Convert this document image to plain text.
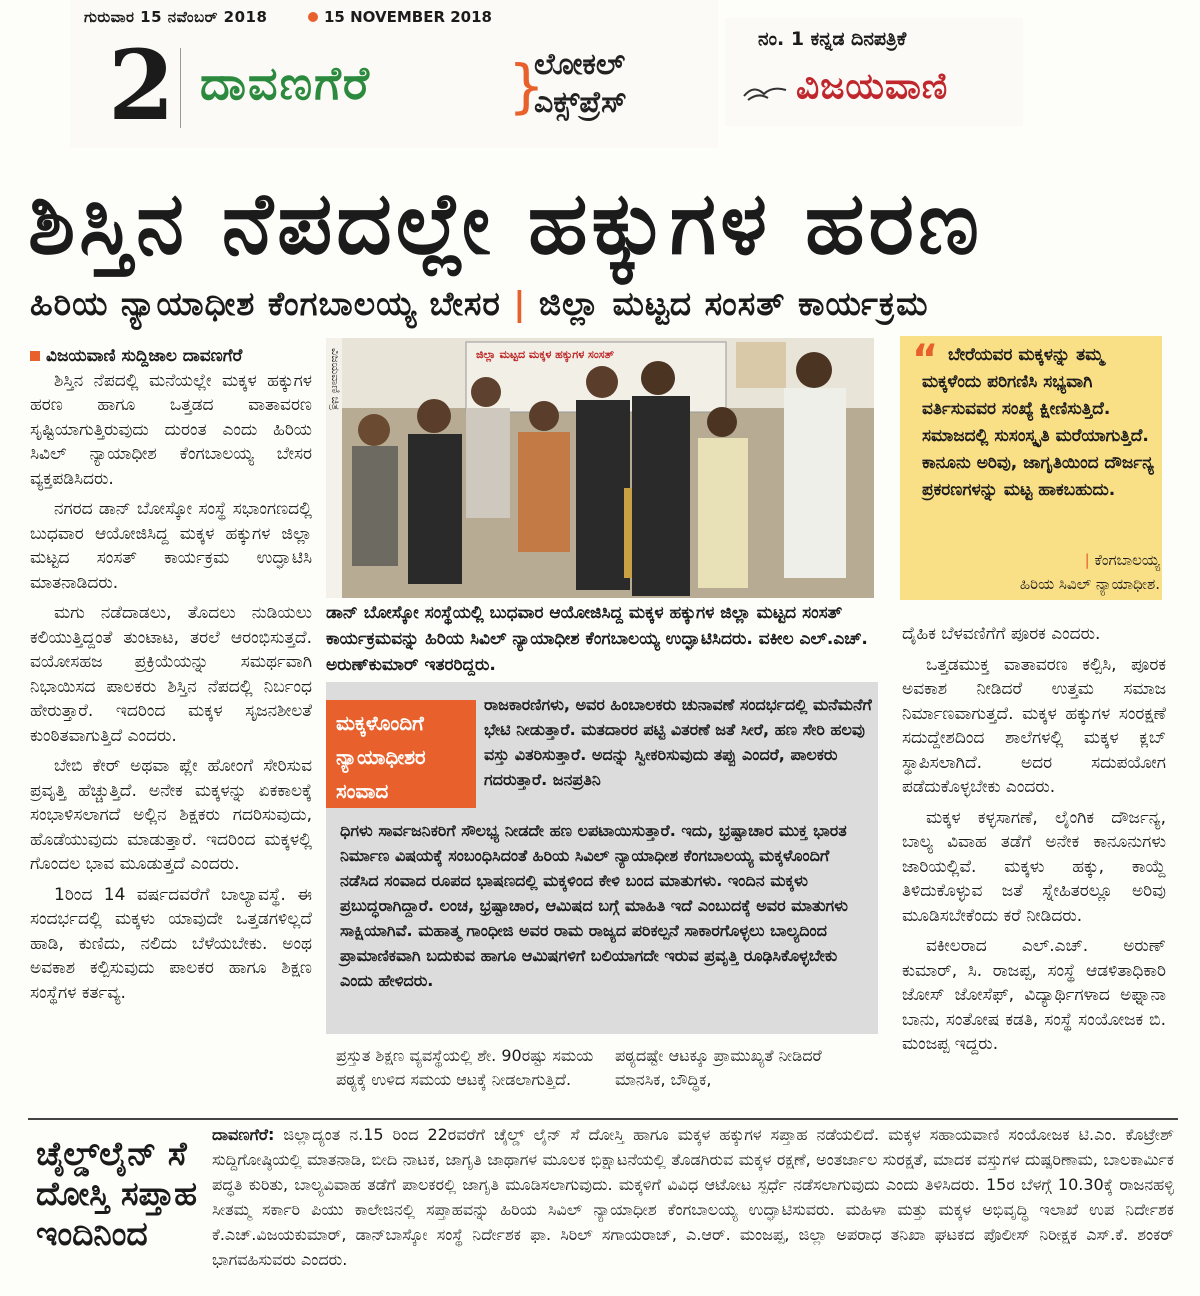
ಗುರುವಾರ 15 ನವೆಂಬರ್ 2018	15 NOVEMBER 2018
2 ದಾವಣಗೆರೆ }
ಲೋಕಲ್
ಎಕ್ಸ್‌ಪ್ರೆಸ್
ನಂ. 1 ಕನ್ನಡ ದಿನಪತ್ರಿಕೆ
ವಿಜಯವಾಣಿ
ಶಿಸ್ತಿನ ನೆಪದಲ್ಲೇ ಹಕ್ಕುಗಳ ಹರಣ
ಹಿರಿಯ ನ್ಯಾಯಾಧೀಶ ಕೆಂಗಬಾಲಯ್ಯ ಬೇಸರ | ಜಿಲ್ಲಾ ಮಟ್ಟದ ಸಂಸತ್ ಕಾರ್ಯಕ್ರಮ
ವಿಜಯವಾಣಿ ಸುದ್ದಿಜಾಲ ದಾವಣಗೆರೆ

ಶಿಸ್ತಿನ ನೆಪದಲ್ಲಿ ಮನೆಯಲ್ಲೇ ಮಕ್ಕಳ ಹಕ್ಕುಗಳ ಹರಣ ಹಾಗೂ ಒತ್ತಡದ ವಾತಾವರಣ ಸೃಷ್ಟಿಯಾಗುತ್ತಿರುವುದು ದುರಂತ ಎಂದು ಹಿರಿಯ ಸಿವಿಲ್ ನ್ಯಾಯಾಧೀಶ ಕೆಂಗಬಾಲಯ್ಯ ಬೇಸರ ವ್ಯಕ್ತಪಡಿಸಿದರು.

ನಗರದ ಡಾನ್ ಬೋಸ್ಕೋ ಸಂಸ್ಥೆ ಸಭಾಂಗಣದಲ್ಲಿ ಬುಧವಾರ ಆಯೋಜಿಸಿದ್ದ ಮಕ್ಕಳ ಹಕ್ಕುಗಳ ಜಿಲ್ಲಾ ಮಟ್ಟದ ಸಂಸತ್ ಕಾರ್ಯಕ್ರಮ ಉದ್ಘಾಟಿಸಿ ಮಾತನಾಡಿದರು.

ಮಗು ನಡೆದಾಡಲು, ತೊದಲು ನುಡಿಯಲು ಕಲಿಯುತ್ತಿದ್ದಂತೆ ತುಂಟಾಟ, ತರಲೆ ಆರಂಭಿಸುತ್ತದೆ. ವಯೋಸಹಜ ಪ್ರಕ್ರಿಯೆಯನ್ನು ಸಮರ್ಥವಾಗಿ ನಿಭಾಯಿಸದ ಪಾಲಕರು ಶಿಸ್ತಿನ ನೆಪದಲ್ಲಿ ನಿರ್ಬಂಧ ಹೇರುತ್ತಾರೆ. ಇದರಿಂದ ಮಕ್ಕಳ ಸೃಜನಶೀಲತೆ ಕುಂಠಿತವಾಗುತ್ತಿದೆ ಎಂದರು.

ಬೇಬಿ ಕೇರ್ ಅಥವಾ ಪ್ಲೇ ಹೋಂಗೆ ಸೇರಿಸುವ ಪ್ರವೃತ್ತಿ ಹೆಚ್ಚುತ್ತಿದೆ. ಅನೇಕ ಮಕ್ಕಳನ್ನು ಏಕಕಾಲಕ್ಕೆ ಸಂಭಾಳಿಸಲಾಗದೆ ಅಲ್ಲಿನ ಶಿಕ್ಷಕರು ಗದರಿಸುವುದು, ಹೊಡೆಯುವುದು ಮಾಡುತ್ತಾರೆ. ಇದರಿಂದ ಮಕ್ಕಳಲ್ಲಿ ಗೊಂದಲ ಭಾವ ಮೂಡುತ್ತದೆ ಎಂದರು.

1ರಿಂದ 14 ವರ್ಷದವರೆಗೆ ಬಾಲ್ಯಾವಸ್ಥೆ. ಈ ಸಂದರ್ಭದಲ್ಲಿ ಮಕ್ಕಳು ಯಾವುದೇ ಒತ್ತಡಗಳಿಲ್ಲದೆ ಹಾಡಿ, ಕುಣಿದು, ನಲಿದು ಬೆಳೆಯಬೇಕು. ಅಂಥ ಅವಕಾಶ ಕಲ್ಪಿಸುವುದು ಪಾಲಕರ ಹಾಗೂ ಶಿಕ್ಷಣ ಸಂಸ್ಥೆಗಳ ಕರ್ತವ್ಯ.

ವಿಜಯವಾಣಿ ಚಿತ್ರ	ಜಿಲ್ಲಾ ಮಟ್ಟದ ಮಕ್ಕಳ ಹಕ್ಕುಗಳ ಸಂಸತ್
ಡಾನ್ ಬೋಸ್ಕೋ ಸಂಸ್ಥೆಯಲ್ಲಿ ಬುಧವಾರ ಆಯೋಜಿಸಿದ್ದ ಮಕ್ಕಳ ಹಕ್ಕುಗಳ ಜಿಲ್ಲಾ ಮಟ್ಟದ ಸಂಸತ್ ಕಾರ್ಯಕ್ರಮವನ್ನು ಹಿರಿಯ ಸಿವಿಲ್ ನ್ಯಾಯಾಧೀಶ ಕೆಂಗಬಾಲಯ್ಯ ಉದ್ಘಾಟಿಸಿದರು. ವಕೀಲ ಎಲ್.ಎಚ್. ಅರುಣ್‌ಕುಮಾರ್ ಇತರರಿದ್ದರು.
“ ಬೇರೆಯವರ ಮಕ್ಕಳನ್ನು ತಮ್ಮ ಮಕ್ಕಳೆಂದು ಪರಿಗಣಿಸಿ ಸಭ್ಯವಾಗಿ ವರ್ತಿಸುವವರ ಸಂಖ್ಯೆ ಕ್ಷೀಣಿಸುತ್ತಿದೆ. ಸಮಾಜದಲ್ಲಿ ಸುಸಂಸ್ಕೃತಿ ಮರೆಯಾಗುತ್ತಿದೆ. ಕಾನೂನು ಅರಿವು, ಜಾಗೃತಿಯಿಂದ ದೌರ್ಜನ್ಯ ಪ್ರಕರಣಗಳನ್ನು ಮಟ್ಟ ಹಾಕಬಹುದು.
| ಕೆಂಗಬಾಲಯ್ಯ
ಹಿರಿಯ ಸಿವಿಲ್ ನ್ಯಾಯಾಧೀಶ.

ದೈಹಿಕ ಬೆಳವಣಿಗೆಗೆ ಪೂರಕ ಎಂದರು.

ಒತ್ತಡಮುಕ್ತ ವಾತಾವರಣ ಕಲ್ಪಿಸಿ, ಪೂರಕ ಅವಕಾಶ ನೀಡಿದರೆ ಉತ್ತಮ ಸಮಾಜ ನಿರ್ಮಾಣವಾಗುತ್ತದೆ. ಮಕ್ಕಳ ಹಕ್ಕುಗಳ ಸಂರಕ್ಷಣೆ ಸದುದ್ದೇಶದಿಂದ ಶಾಲೆಗಳಲ್ಲಿ ಮಕ್ಕಳ ಕ್ಲಬ್ ಸ್ಥಾಪಿಸಲಾಗಿದೆ. ಅದರ ಸದುಪಯೋಗ ಪಡೆದುಕೊಳ್ಳಬೇಕು ಎಂದರು.

ಮಕ್ಕಳ ಕಳ್ಳಸಾಗಣೆ, ಲೈಂಗಿಕ ದೌರ್ಜನ್ಯ, ಬಾಲ್ಯ ವಿವಾಹ ತಡೆಗೆ ಅನೇಕ ಕಾನೂನುಗಳು ಜಾರಿಯಲ್ಲಿವೆ. ಮಕ್ಕಳು ಹಕ್ಕು, ಕಾಯ್ದೆ ತಿಳಿದುಕೊಳ್ಳುವ ಜತೆ ಸ್ನೇಹಿತರಲ್ಲೂ ಅರಿವು ಮೂಡಿಸಬೇಕೆಂದು ಕರೆ ನೀಡಿದರು.

ವಕೀಲರಾದ ಎಲ್.ಎಚ್. ಅರುಣ್ ಕುಮಾರ್, ಸಿ. ರಾಜಪ್ಪ, ಸಂಸ್ಥೆ ಆಡಳಿತಾಧಿಕಾರಿ ಜೋಸ್ ಜೋಸೆಫ್, ವಿದ್ಯಾರ್ಥಿಗಳಾದ ಅಫ್ನಾನಾ ಬಾನು, ಸಂತೋಷ ಕಡತಿ, ಸಂಸ್ಥೆ ಸಂಯೋಜಕ ಬಿ. ಮಂಜಪ್ಪ ಇದ್ದರು.

ಮಕ್ಕಳೊಂದಿಗೆ
ನ್ಯಾಯಾಧೀಶರ
ಸಂವಾದ
ರಾಜಕಾರಣಿಗಳು, ಅವರ ಹಿಂಬಾಲಕರು ಚುನಾವಣೆ ಸಂದರ್ಭದಲ್ಲಿ ಮನೆಮನೆಗೆ ಭೇಟಿ ನೀಡುತ್ತಾರೆ. ಮತದಾರರ ಪಟ್ಟಿ ವಿತರಣೆ ಜತೆ ಸೀರೆ, ಹಣ ಸೇರಿ ಹಲವು ವಸ್ತು ವಿತರಿಸುತ್ತಾರೆ. ಅದನ್ನು ಸ್ವೀಕರಿಸುವುದು ತಪ್ಪು ಎಂದರೆ, ಪಾಲಕರು ಗದರುತ್ತಾರೆ. ಜನಪ್ರತಿನಿ
ಧಿಗಳು ಸಾರ್ವಜನಿಕರಿಗೆ ಸೌಲಭ್ಯ ನೀಡದೇ ಹಣ ಲಪಟಾಯಿಸುತ್ತಾರೆ. ಇದು, ಭ್ರಷ್ಟಾಚಾರ ಮುಕ್ತ ಭಾರತ ನಿರ್ಮಾಣ ವಿಷಯಕ್ಕೆ ಸಂಬಂಧಿಸಿದಂತೆ ಹಿರಿಯ ಸಿವಿಲ್ ನ್ಯಾಯಾಧೀಶ ಕೆಂಗಬಾಲಯ್ಯ ಮಕ್ಕಳೊಂದಿಗೆ ನಡೆಸಿದ ಸಂವಾದ ರೂಪದ ಭಾಷಣದಲ್ಲಿ ಮಕ್ಕಳಿಂದ ಕೇಳಿ ಬಂದ ಮಾತುಗಳು. ಇಂದಿನ ಮಕ್ಕಳು ಪ್ರಬುದ್ಧರಾಗಿದ್ದಾರೆ. ಲಂಚ, ಭ್ರಷ್ಟಾಚಾರ, ಆಮಿಷದ ಬಗ್ಗೆ ಮಾಹಿತಿ ಇದೆ ಎಂಬುದಕ್ಕೆ ಅವರ ಮಾತುಗಳು ಸಾಕ್ಷಿಯಾಗಿವೆ. ಮಹಾತ್ಮ ಗಾಂಧೀಜಿ ಅವರ ರಾಮ ರಾಜ್ಯದ ಪರಿಕಲ್ಪನೆ ಸಾಕಾರಗೊಳ್ಳಲು ಬಾಲ್ಯದಿಂದ ಪ್ರಾಮಾಣಿಕವಾಗಿ ಬದುಕುವ ಹಾಗೂ ಆಮಿಷಗಳಿಗೆ ಬಲಿಯಾಗದೇ ಇರುವ ಪ್ರವೃತ್ತಿ ರೂಢಿಸಿಕೊಳ್ಳಬೇಕು ಎಂದು ಹೇಳಿದರು.
ಪ್ರಸ್ತುತ ಶಿಕ್ಷಣ ವ್ಯವಸ್ಥೆಯಲ್ಲಿ ಶೇ. 90ರಷ್ಟು ಸಮಯ ಪಠ್ಯಕ್ಕೆ ಉಳಿದ ಸಮಯ ಆಟಕ್ಕೆ ನೀಡಲಾಗುತ್ತಿದೆ. ಪಠ್ಯದಷ್ಟೇ ಆಟಕ್ಕೂ ಪ್ರಾಮುಖ್ಯತೆ ನೀಡಿದರೆ ಮಾನಸಿಕ, ಬೌದ್ಧಿಕ,
ಚೈಲ್ಡ್‌ಲೈನ್ ಸೆ ದೋಸ್ತಿ ಸಪ್ತಾಹ ಇಂದಿನಿಂದ
ದಾವಣಗೆರೆ: ಜಿಲ್ಲಾದ್ಯಂತ ನ.15 ರಿಂದ 22ರವರೆಗೆ ಚೈಲ್ಡ್ ಲೈನ್ ಸೆ ದೋಸ್ತಿ ಹಾಗೂ ಮಕ್ಕಳ ಹಕ್ಕುಗಳ ಸಪ್ತಾಹ ನಡೆಯಲಿದೆ. ಮಕ್ಕಳ ಸಹಾಯವಾಣಿ ಸಂಯೋಜಕ ಟಿ.ಎಂ. ಕೊಟ್ರೇಶ್ ಸುದ್ದಿಗೋಷ್ಠಿಯಲ್ಲಿ ಮಾತನಾಡಿ, ಬೀದಿ ನಾಟಕ, ಜಾಗೃತಿ ಜಾಥಾಗಳ ಮೂಲಕ ಭಿಕ್ಷಾಟನೆಯಲ್ಲಿ ತೊಡಗಿರುವ ಮಕ್ಕಳ ರಕ್ಷಣೆ, ಅಂತರ್ಜಾಲ ಸುರಕ್ಷತೆ, ಮಾದಕ ವಸ್ತುಗಳ ದುಷ್ಪರಿಣಾಮ, ಬಾಲಕಾರ್ಮಿಕ ಪದ್ಧತಿ ಕುರಿತು, ಬಾಲ್ಯವಿವಾಹ ತಡೆಗೆ ಪಾಲಕರಲ್ಲಿ ಜಾಗೃತಿ ಮೂಡಿಸಲಾಗುವುದು. ಮಕ್ಕಳಿಗೆ ವಿವಿಧ ಆಟೋಟ ಸ್ಪರ್ಧೆ ನಡೆಸಲಾಗುವುದು ಎಂದು ತಿಳಿಸಿದರು. 15ರ ಬೆಳಗ್ಗೆ 10.30ಕ್ಕೆ ರಾಜನಹಳ್ಳಿ ಸೀತಮ್ಮ ಸರ್ಕಾರಿ ಪಿಯು ಕಾಲೇಜಿನಲ್ಲಿ ಸಪ್ತಾಹವನ್ನು ಹಿರಿಯ ಸಿವಿಲ್ ನ್ಯಾಯಾಧೀಶ ಕೆಂಗಬಾಲಯ್ಯ ಉದ್ಘಾಟಿಸುವರು. ಮಹಿಳಾ ಮತ್ತು ಮಕ್ಕಳ ಅಭಿವೃದ್ಧಿ ಇಲಾಖೆ ಉಪ ನಿರ್ದೇಶಕ ಕೆ.ಎಚ್.ವಿಜಯಕುಮಾರ್, ಡಾನ್‌ಬಾಸ್ಕೋ ಸಂಸ್ಥೆ ನಿರ್ದೇಶಕ ಫಾ. ಸಿರಿಲ್ ಸಗಾಯರಾಜ್, ಎ.ಆರ್. ಮಂಜಪ್ಪ, ಜಿಲ್ಲಾ ಅಪರಾಧ ತನಿಖಾ ಘಟಕದ ಪೊಲೀಸ್ ನಿರೀಕ್ಷಕ ಎಸ್.ಕೆ. ಶಂಕರ್ ಭಾಗವಹಿಸುವರು ಎಂದರು.
